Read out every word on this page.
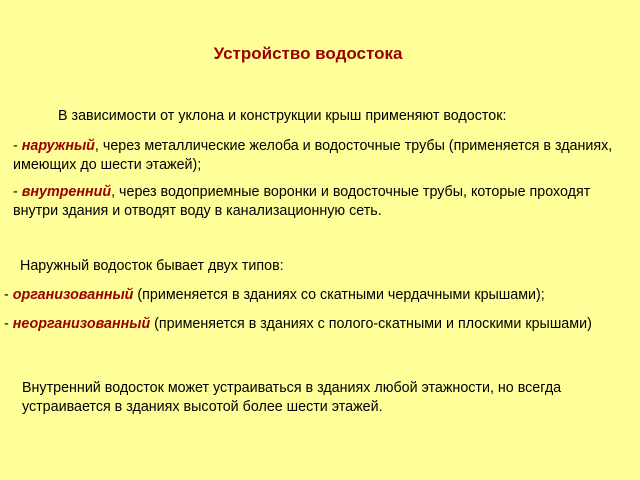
Устройство водостока

В зависимости от уклона и конструкции крыш применяют водосток:

- наружный, через металлические желоба и водосточные трубы (применяется в зданиях, имеющих до шести этажей);

- внутренний, через водоприемные воронки и водосточные трубы, которые проходят внутри здания и отводят воду в канализационную сеть.

Наружный водосток бывает двух типов:

- организованный (применяется в зданиях со скатными чердачными крышами);

- неорганизованный (применяется в зданиях с полого-скатными и плоскими крышами)

Внутренний водосток может устраиваться в зданиях любой этажности, но всегда устраивается в зданиях высотой более шести этажей.
